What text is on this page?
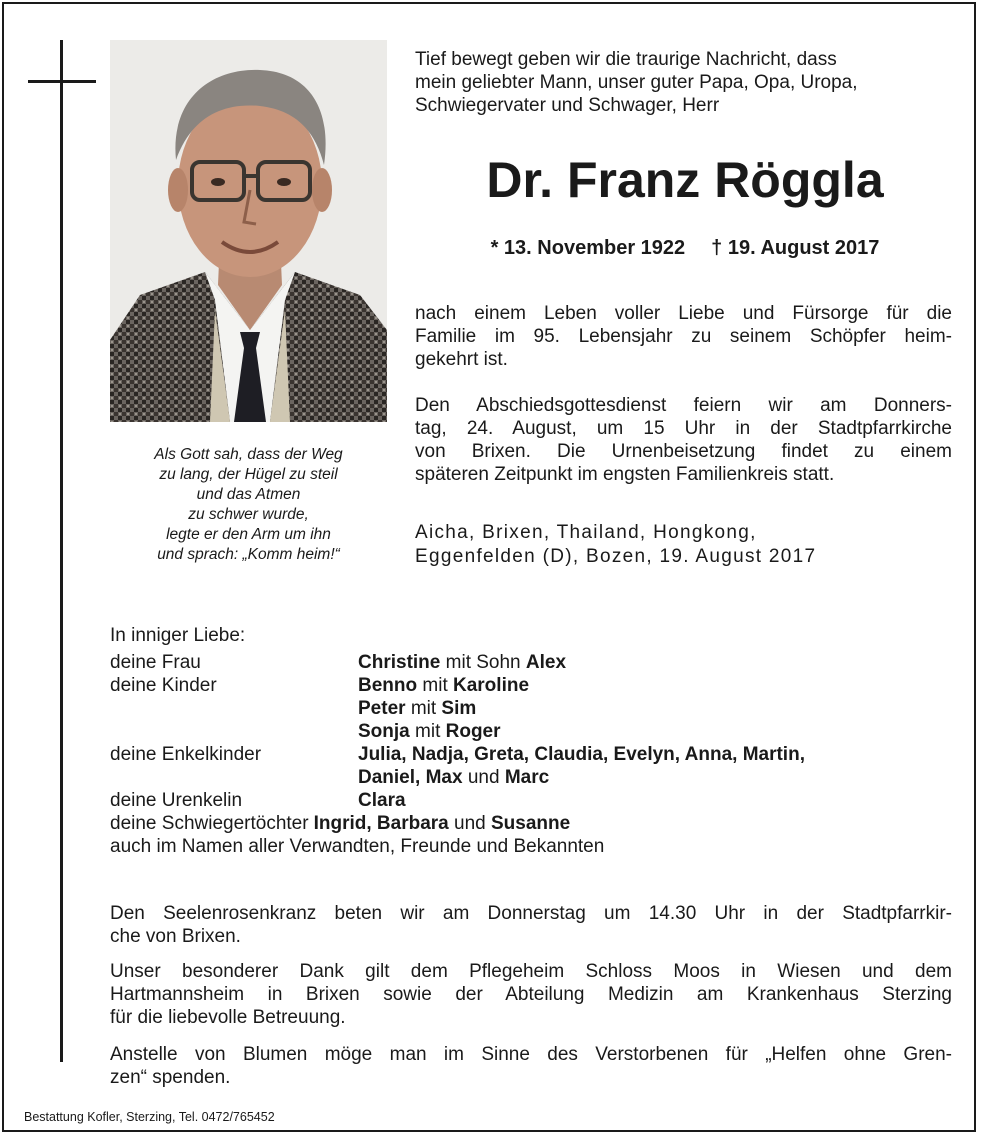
Als Gott sah, dass der Weg
zu lang, der Hügel zu steil
und das Atmen
zu schwer wurde,
legte er den Arm um ihn
und sprach: „Komm heim!“
Tief bewegt geben wir die traurige Nachricht, dass
mein geliebter Mann, unser guter Papa, Opa, Uropa,
Schwiegervater und Schwager, Herr
Dr. Franz Röggla
* 13. November 1922 † 19. August 2017
nach einem Leben voller Liebe und Fürsorge für die
Familie im 95. Lebensjahr zu seinem Schöpfer heim-
gekehrt ist.
Den Abschiedsgottesdienst feiern wir am Donners-
tag, 24. August, um 15 Uhr in der Stadtpfarrkirche
von Brixen. Die Urnenbeisetzung findet zu einem
späteren Zeitpunkt im engsten Familienkreis statt.
Aicha, Brixen, Thailand, Hongkong,
Eggenfelden (D), Bozen, 19. August 2017
In inniger Liebe:
deine Frau	Christine mit Sohn Alex
deine Kinder	Benno mit Karoline
Peter mit Sim
Sonja mit Roger
deine Enkelkinder	Julia, Nadja, Greta, Claudia, Evelyn, Anna, Martin,
Daniel, Max und Marc
deine Urenkelin	Clara
deine Schwiegertöchter Ingrid, Barbara und Susanne
auch im Namen aller Verwandten, Freunde und Bekannten
Den Seelenrosenkranz beten wir am Donnerstag um 14.30 Uhr in der Stadtpfarrkir-
che von Brixen.
Unser besonderer Dank gilt dem Pflegeheim Schloss Moos in Wiesen und dem
Hartmannsheim in Brixen sowie der Abteilung Medizin am Krankenhaus Sterzing
für die liebevolle Betreuung.
Anstelle von Blumen möge man im Sinne des Verstorbenen für „Helfen ohne Gren-
zen“ spenden.
Bestattung Kofler, Sterzing, Tel. 0472/765452
